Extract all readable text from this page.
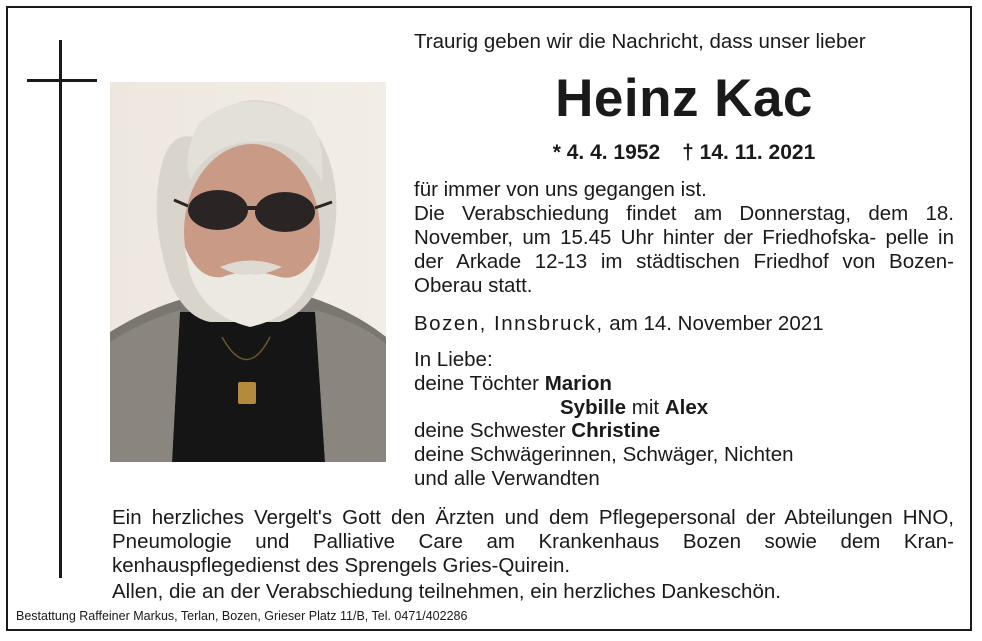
Traurig geben wir die Nachricht, dass unser lieber
Heinz Kac
* 4. 4. 1952 † 14. 11. 2021

für immer von uns gegangen ist.

Die Verabschiedung findet am Donnerstag, dem 18. November, um 15.45 Uhr hinter der Friedhofska- pelle in der Arkade 12-13 im städtischen Friedhof von Bozen-Oberau statt.

Bozen, Innsbruck, am 14. November 2021
In Liebe:
deine Töchter Marion
Sybille mit Alex
deine Schwester Christine
deine Schwägerinnen, Schwäger, Nichten
und alle Verwandten

Ein herzliches Vergelt's Gott den Ärzten und dem Pflegepersonal der Abteilungen HNO, Pneumologie und Palliative Care am Krankenhaus Bozen sowie dem Kran- kenhauspflegedienst des Sprengels Gries-Quirein.

Allen, die an der Verabschiedung teilnehmen, ein herzliches Dankeschön.
Bestattung Raffeiner Markus, Terlan, Bozen, Grieser Platz 11/B, Tel. 0471/402286
